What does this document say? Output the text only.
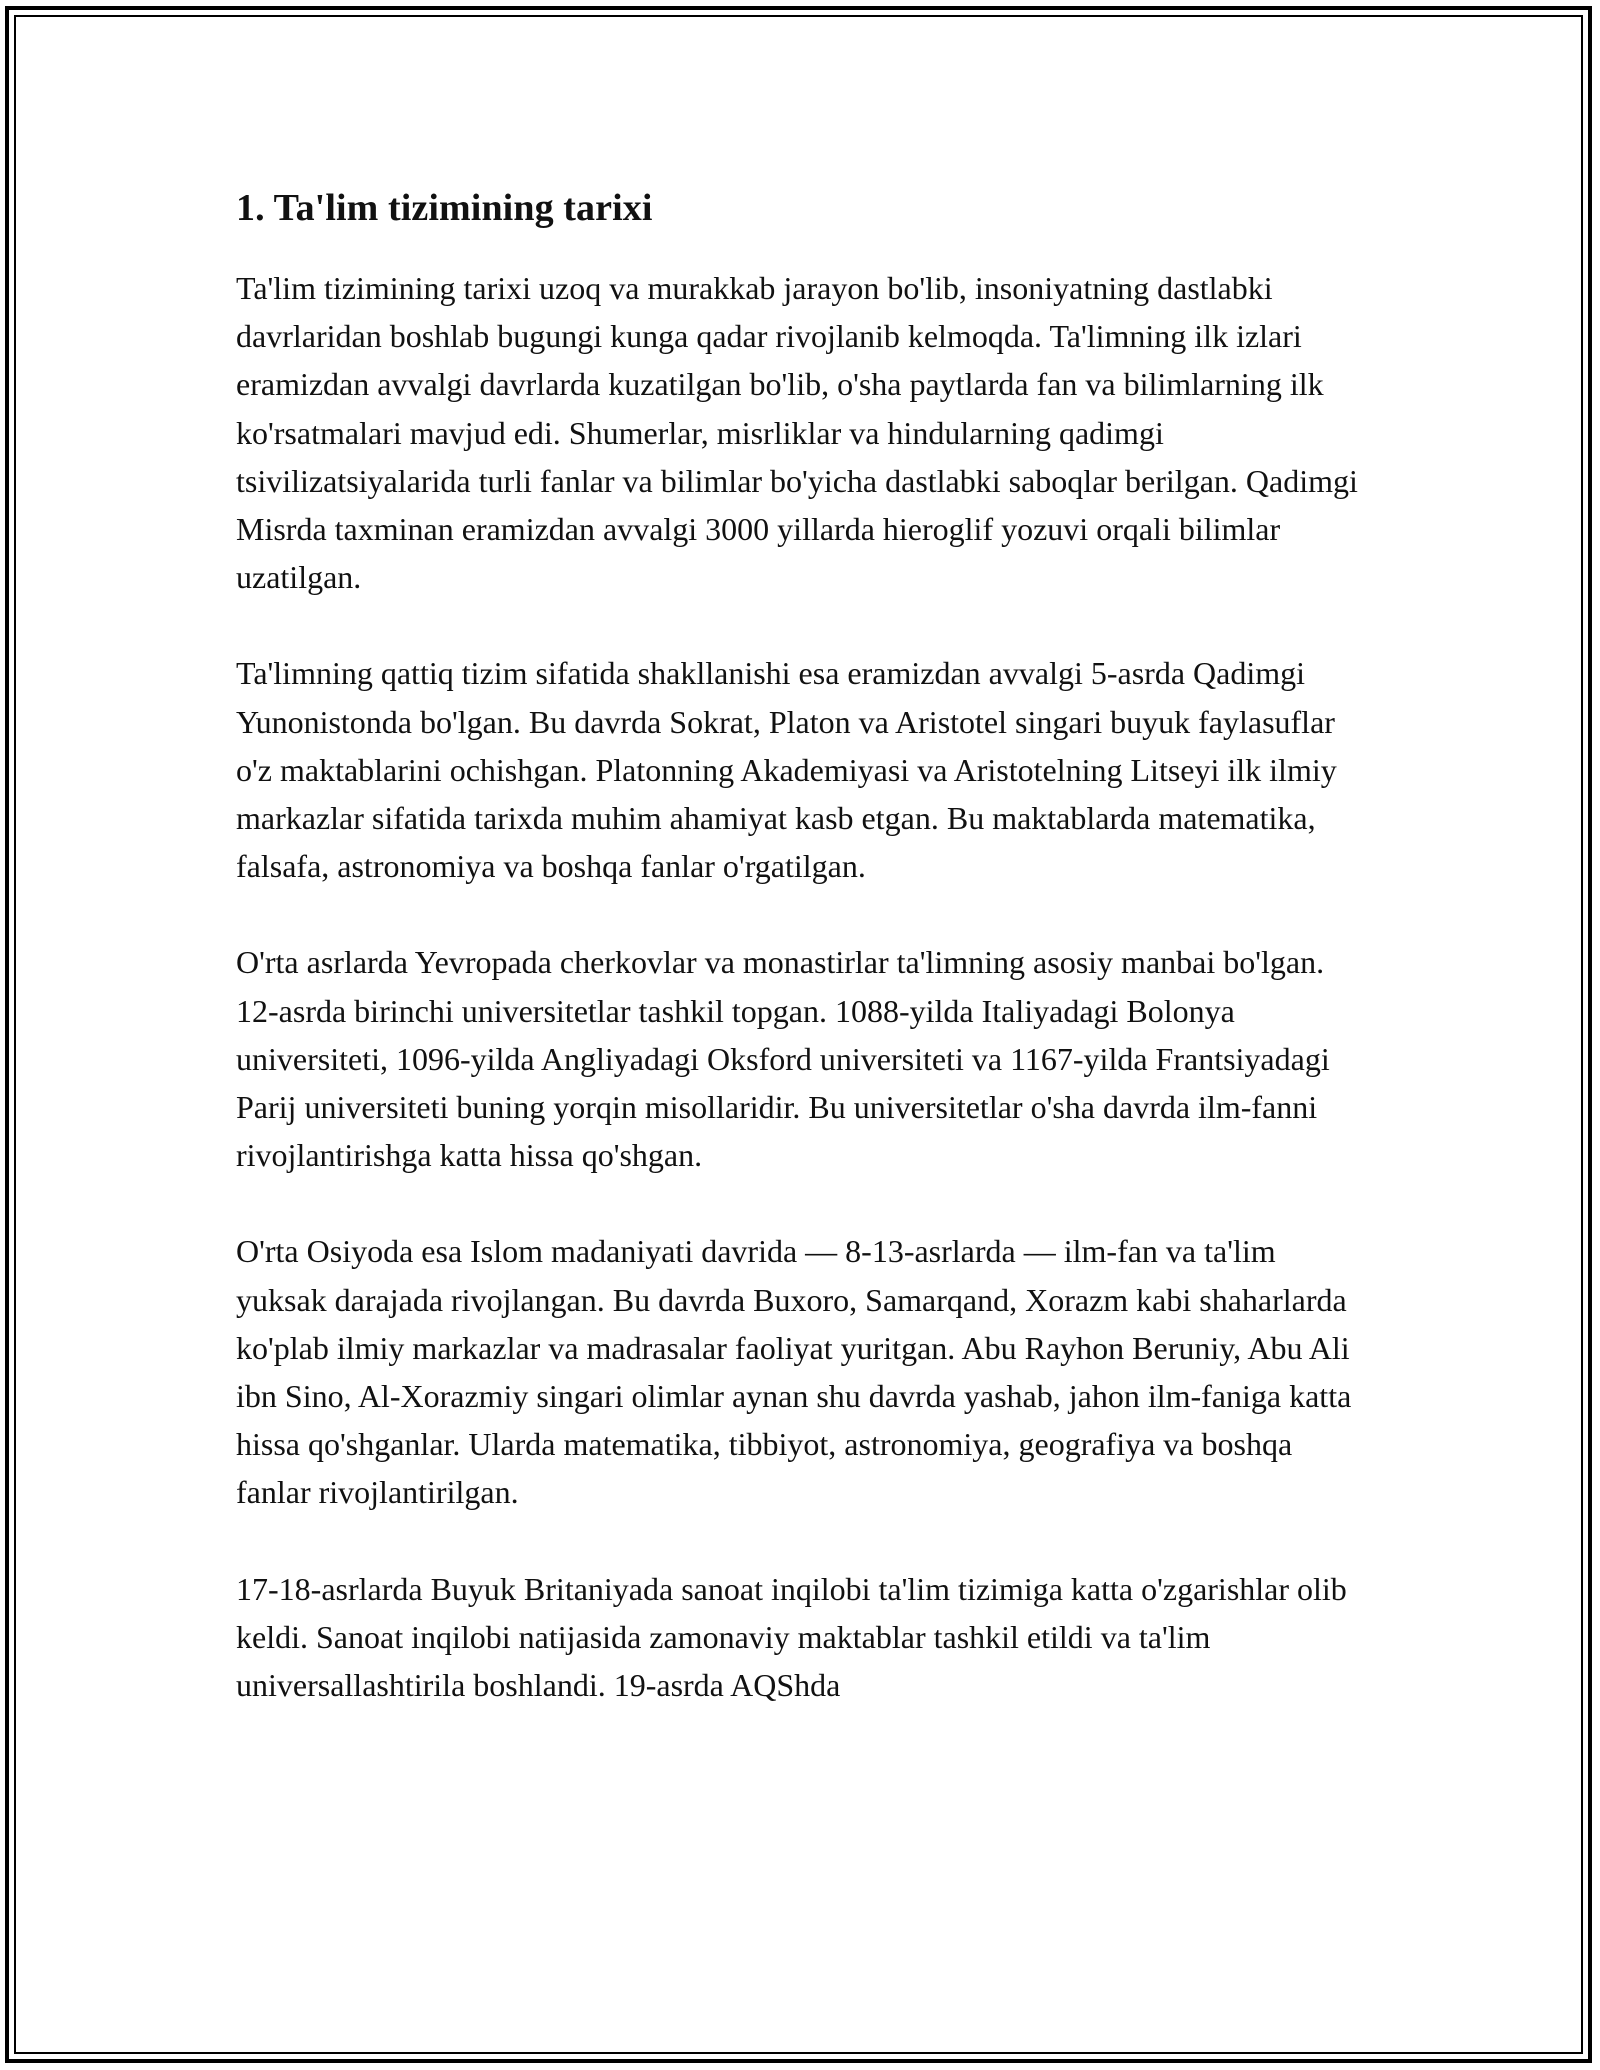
1. Ta'lim tizimining tarixi

Ta'lim tizimining tarixi uzoq va murakkab jarayon bo'lib, insoniyatning dastlabki davrlaridan boshlab bugungi kunga qadar rivojlanib kelmoqda. Ta'limning ilk izlari eramizdan avvalgi davrlarda kuzatilgan bo'lib, o'sha paytlarda fan va bilimlarning ilk ko'rsatmalari mavjud edi. Shumerlar, misrliklar va hindularning qadimgi tsivilizatsiyalarida turli fanlar va bilimlar bo'yicha dastlabki saboqlar berilgan. Qadimgi Misrda taxminan eramizdan avvalgi 3000 yillarda hieroglif yozuvi orqali bilimlar uzatilgan.

Ta'limning qattiq tizim sifatida shakllanishi esa eramizdan avvalgi 5-asrda Qadimgi Yunonistonda bo'lgan. Bu davrda Sokrat, Platon va Aristotel singari buyuk faylasuflar o'z maktablarini ochishgan. Platonning Akademiyasi va Aristotelning Litseyi ilk ilmiy markazlar sifatida tarixda muhim ahamiyat kasb etgan. Bu maktablarda matematika, falsafa, astronomiya va boshqa fanlar o'rgatilgan.

O'rta asrlarda Yevropada cherkovlar va monastirlar ta'limning asosiy manbai bo'lgan. 12-asrda birinchi universitetlar tashkil topgan. 1088-yilda Italiyadagi Bolonya universiteti, 1096-yilda Angliyadagi Oksford universiteti va 1167-yilda Frantsiyadagi Parij universiteti buning yorqin misollaridir. Bu universitetlar o'sha davrda ilm-fanni rivojlantirishga katta hissa qo'shgan.

O'rta Osiyoda esa Islom madaniyati davrida — 8-13-asrlarda — ilm-fan va ta'lim yuksak darajada rivojlangan. Bu davrda Buxoro, Samarqand, Xorazm kabi shaharlarda ko'plab ilmiy markazlar va madrasalar faoliyat yuritgan. Abu Rayhon Beruniy, Abu Ali ibn Sino, Al-Xorazmiy singari olimlar aynan shu davrda yashab, jahon ilm-faniga katta hissa qo'shganlar. Ularda matematika, tibbiyot, astronomiya, geografiya va boshqa fanlar rivojlantirilgan.

17-18-asrlarda Buyuk Britaniyada sanoat inqilobi ta'lim tizimiga katta o'zgarishlar olib keldi. Sanoat inqilobi natijasida zamonaviy maktablar tashkil etildi va ta'lim universallashtirila boshlandi. 19-asrda AQShda
